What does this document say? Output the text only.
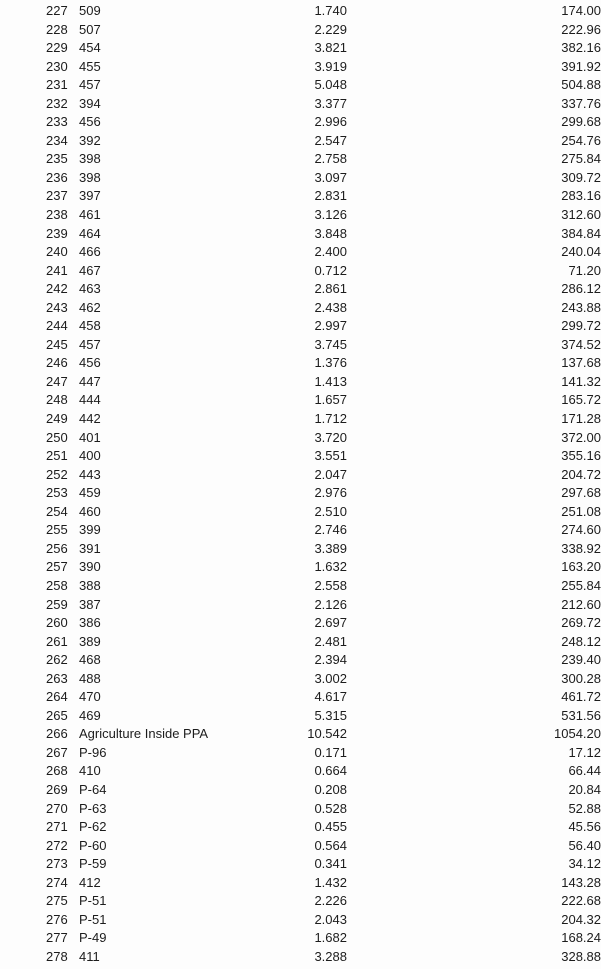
227	509	1.740		174.00
228	507	2.229		222.96
229	454	3.821		382.16
230	455	3.919		391.92
231	457	5.048		504.88
232	394	3.377		337.76
233	456	2.996		299.68
234	392	2.547		254.76
235	398	2.758		275.84
236	398	3.097		309.72
237	397	2.831		283.16
238	461	3.126		312.60
239	464	3.848		384.84
240	466	2.400		240.04
241	467	0.712		71.20
242	463	2.861		286.12
243	462	2.438		243.88
244	458	2.997		299.72
245	457	3.745		374.52
246	456	1.376		137.68
247	447	1.413		141.32
248	444	1.657		165.72
249	442	1.712		171.28
250	401	3.720		372.00
251	400	3.551		355.16
252	443	2.047		204.72
253	459	2.976		297.68
254	460	2.510		251.08
255	399	2.746		274.60
256	391	3.389		338.92
257	390	1.632		163.20
258	388	2.558		255.84
259	387	2.126		212.60
260	386	2.697		269.72
261	389	2.481		248.12
262	468	2.394		239.40
263	488	3.002		300.28
264	470	4.617		461.72
265	469	5.315		531.56
266	Agriculture Inside PPA	10.542		1054.20
267	P-96	0.171		17.12
268	410	0.664		66.44
269	P-64	0.208		20.84
270	P-63	0.528		52.88
271	P-62	0.455		45.56
272	P-60	0.564		56.40
273	P-59	0.341		34.12
274	412	1.432		143.28
275	P-51	2.226		222.68
276	P-51	2.043		204.32
277	P-49	1.682		168.24
278	411	3.288		328.88
